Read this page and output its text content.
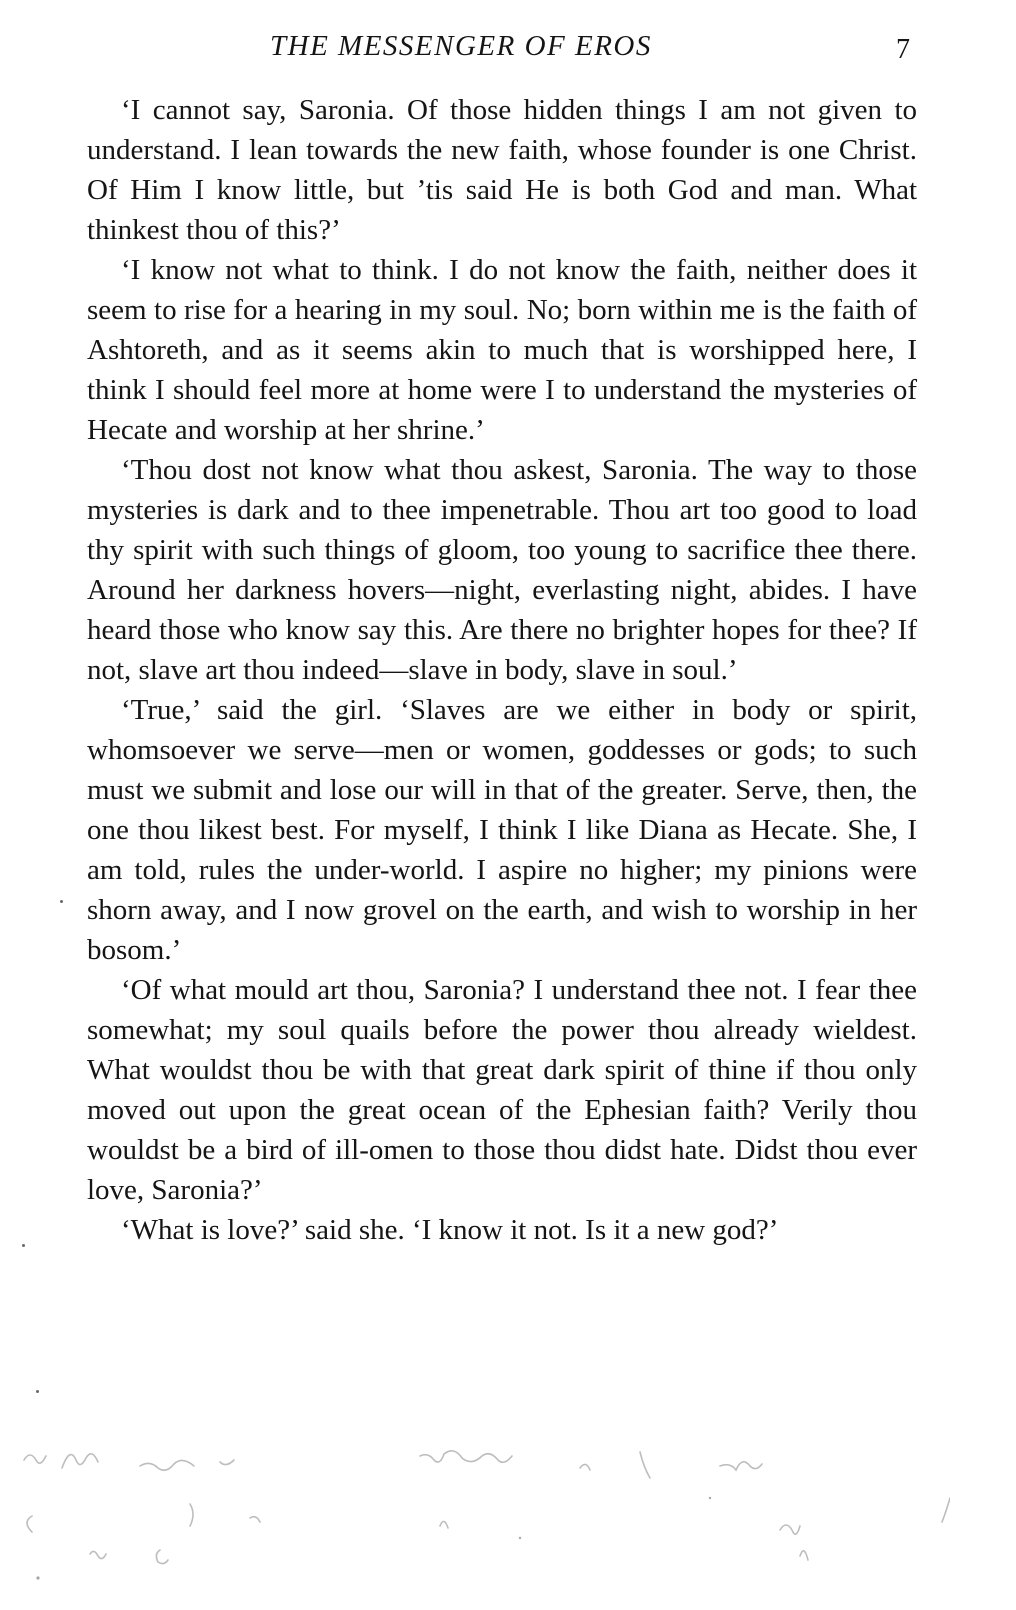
THE MESSENGER OF EROS	7

‘I cannot say, Saronia. Of those hidden things I am not given to understand. I lean towards the new faith, whose founder is one Christ. Of Him I know little, but ’tis said He is both God and man. What thinkest thou of this?’

‘I know not what to think. I do not know the faith, neither does it seem to rise for a hearing in my soul. No; born within me is the faith of Ashtoreth, and as it seems akin to much that is worshipped here, I think I should feel more at home were I to understand the mysteries of Hecate and worship at her shrine.’

‘Thou dost not know what thou askest, Saronia. The way to those mysteries is dark and to thee impenetrable. Thou art too good to load thy spirit with such things of gloom, too young to sacrifice thee there. Around her darkness hovers—night, everlasting night, abides. I have heard those who know say this. Are there no brighter hopes for thee? If not, slave art thou indeed—slave in body, slave in soul.’

‘True,’ said the girl. ‘Slaves are we either in body or spirit, whomsoever we serve—men or women, goddesses or gods; to such must we submit and lose our will in that of the greater. Serve, then, the one thou likest best. For myself, I think I like Diana as Hecate. She, I am told, rules the under-world. I aspire no higher; my pinions were shorn away, and I now grovel on the earth, and wish to worship in her bosom.’

‘Of what mould art thou, Saronia? I understand thee not. I fear thee somewhat; my soul quails before the power thou already wieldest. What wouldst thou be with that great dark spirit of thine if thou only moved out upon the great ocean of the Ephesian faith? Verily thou wouldst be a bird of ill-omen to those thou didst hate. Didst thou ever love, Saronia?’

‘What is love?’ said she. ‘I know it not. Is it a new god?’
